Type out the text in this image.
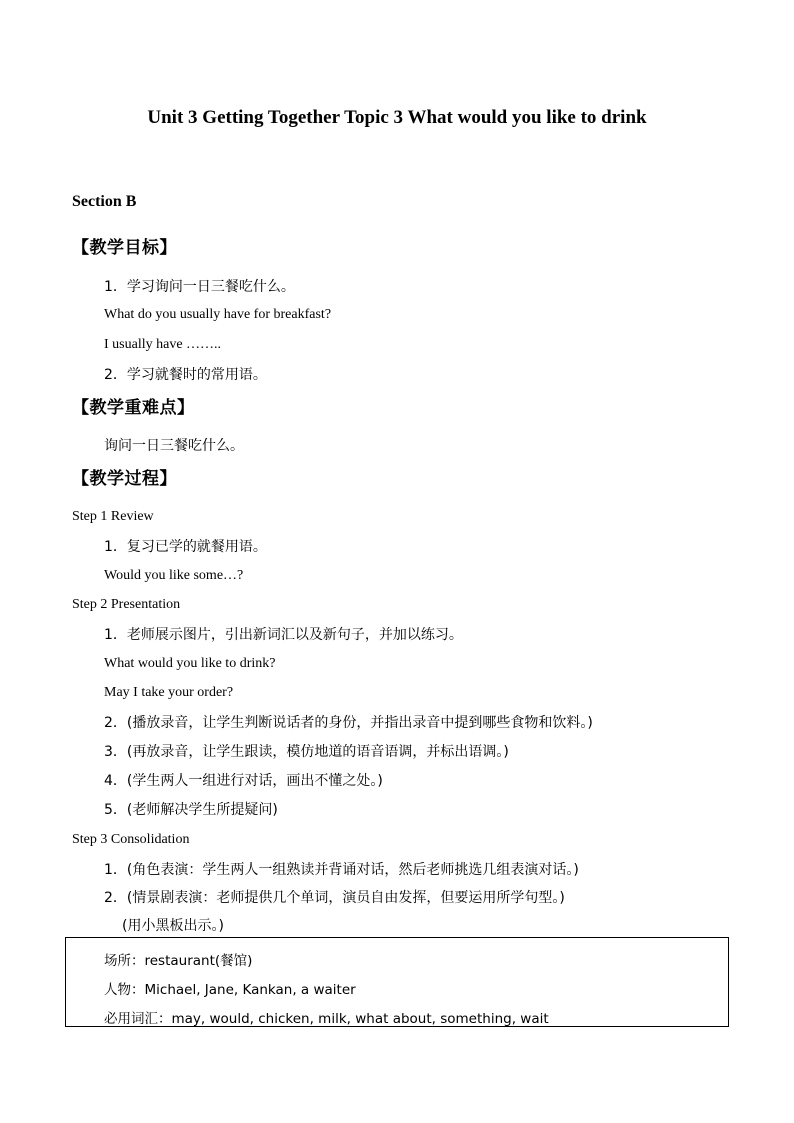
Unit 3 Getting Together Topic 3 What would you like to drink
Section B
【教学目标】
1．学习询问一日三餐吃什么。
What do you usually have for breakfast?
I usually have ……..
2．学习就餐时的常用语。
【教学重难点】
询问一日三餐吃什么。
【教学过程】
Step 1 Review
1．复习已学的就餐用语。
Would you like some…?
Step 2 Presentation
1．老师展示图片，引出新词汇以及新句子，并加以练习。
What would you like to drink?
May I take your order?
2．(播放录音，让学生判断说话者的身份，并指出录音中提到哪些食物和饮料。)
3．(再放录音，让学生跟读，模仿地道的语音语调，并标出语调。)
4．(学生两人一组进行对话，画出不懂之处。)
5．(老师解决学生所提疑问)
Step 3 Consolidation
1．(角色表演：学生两人一组熟读并背诵对话，然后老师挑选几组表演对话。)
2．(情景剧表演：老师提供几个单词，演员自由发挥，但要运用所学句型。)
(用小黑板出示。)
场所：restaurant(餐馆)
人物：Michael, Jane, Kankan, a waiter
必用词汇：may, would, chicken, milk, what about, something, wait
